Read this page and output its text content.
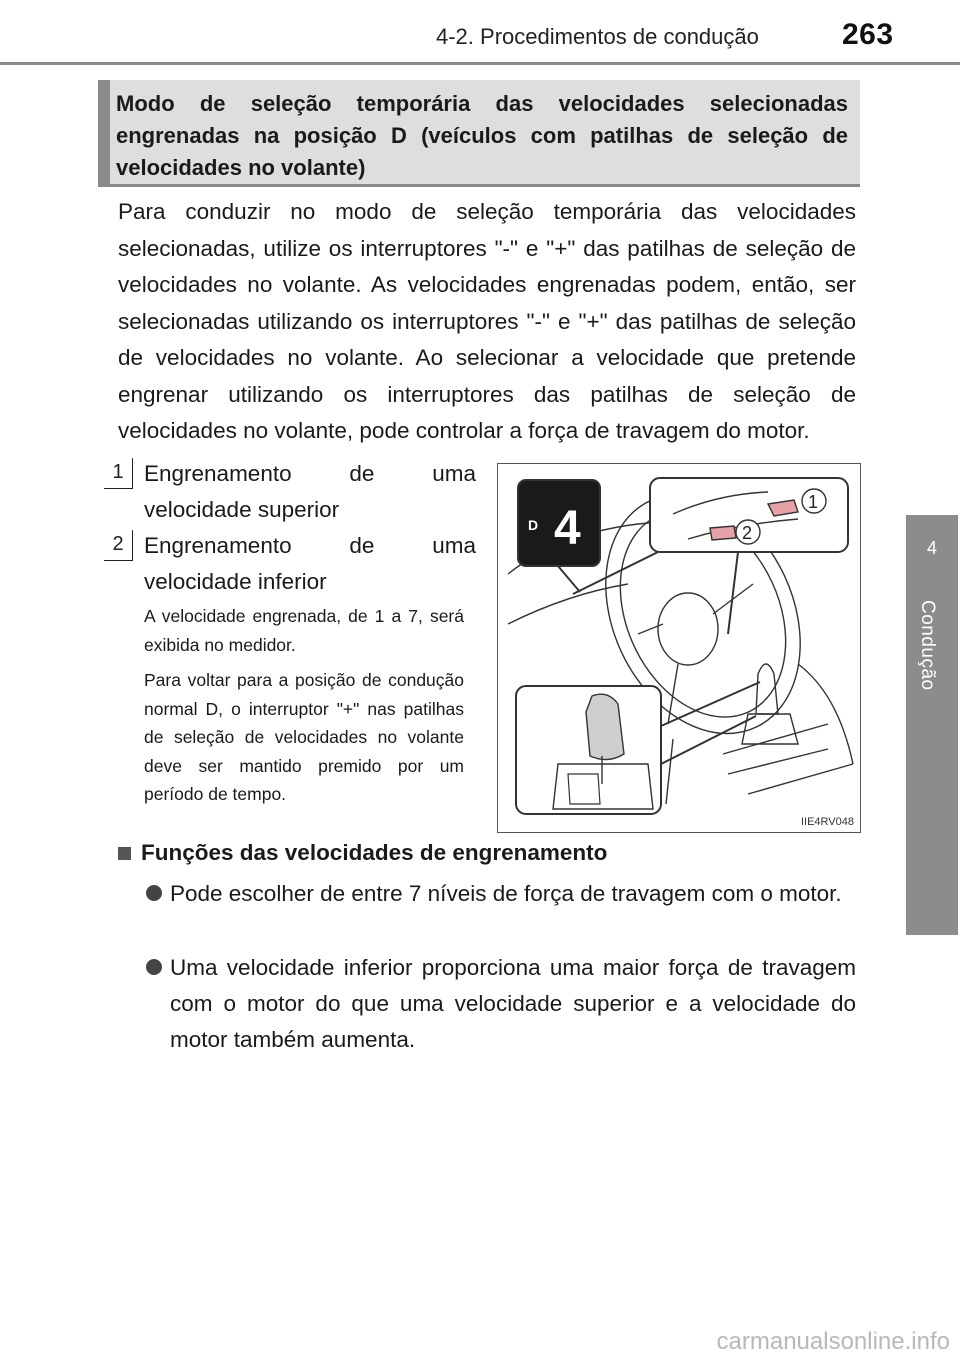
4-2. Procedimentos de condução	263
4
Condução
Modo de seleção temporária das velocidades selecionadas engrenadas na posição D (veículos com patilhas de seleção de velocidades no volante)

Para conduzir no modo de seleção temporária das velocidades selecionadas, utilize os interruptores "-" e "+" das patilhas de seleção de velocidades no volante. As velocidades engrenadas podem, então, ser selecionadas utilizando os interruptores "-" e "+" das patilhas de seleção de velocidades no volante. Ao selecionar a velocidade que pretende engrenar utilizando os interruptores das patilhas de seleção de velocidades no volante, pode controlar a força de travagem do motor.

1 Engrenamento de uma velocidade superior
2 Engrenamento de uma velocidade inferior

A velocidade engrenada, de 1 a 7, será exibida no medidor.

Para voltar para a posição de condução normal D, o interruptor "+" nas patilhas de seleção de velocidades no volante deve ser mantido premido por um período de tempo.

D 4	1
2
IIE4RV048
Funções das velocidades de engrenamento
Pode escolher de entre 7 níveis de força de travagem com o motor.
Uma velocidade inferior proporciona uma maior força de travagem com o motor do que uma velocidade superior e a velocidade do motor também aumenta.
carmanualsonline.info
